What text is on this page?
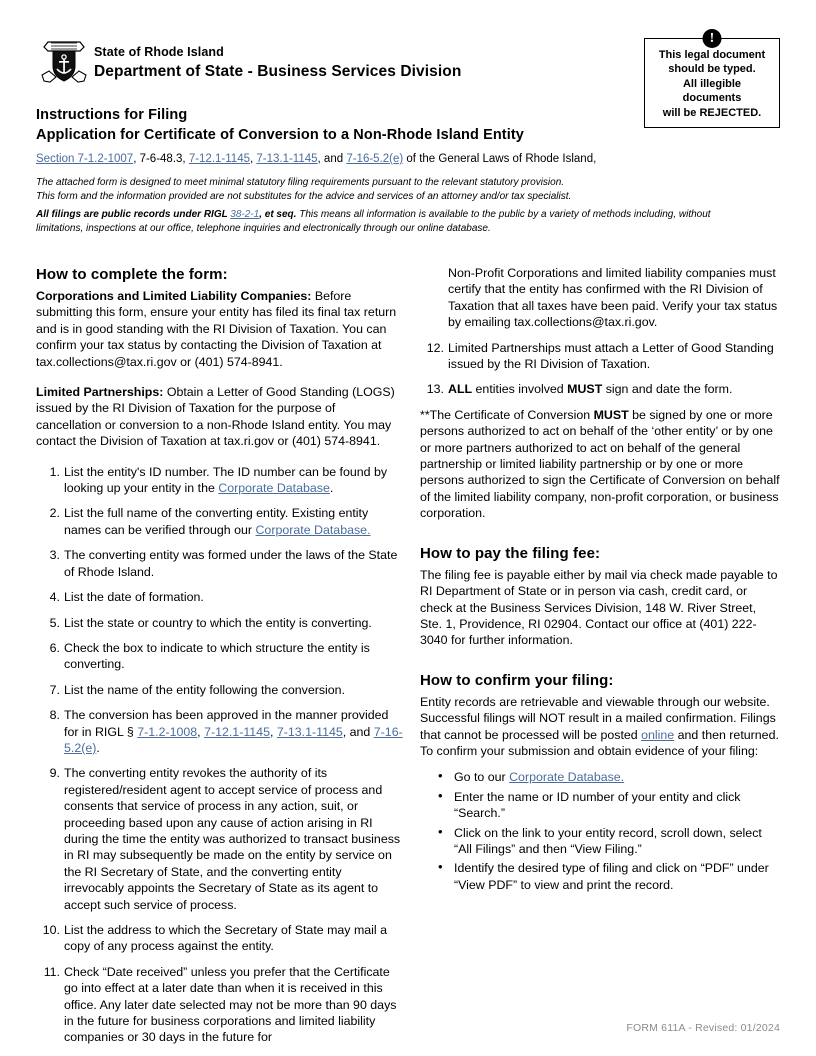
State of Rhode Island
Department of State - Business Services Division
!
This legal document
should be typed.
All illegible
documents
will be REJECTED.
Instructions for Filing
Application for Certificate of Conversion to a Non-Rhode Island Entity
Section 7-1.2-1007, 7-6-48.3, 7-12.1-1145, 7-13.1-1145, and 7-16-5.2(e) of the General Laws of Rhode Island,
The attached form is designed to meet minimal statutory filing requirements pursuant to the relevant statutory provision.
This form and the information provided are not substitutes for the advice and services of an attorney and/or tax specialist.
All filings are public records under RIGL 38-2-1, et seq. This means all information is available to the public by a variety of methods including, without limitations, inspections at our office, telephone inquiries and electronically through our online database.
How to complete the form:

Corporations and Limited Liability Companies: Before submitting this form, ensure your entity has filed its final tax return and is in good standing with the RI Division of Taxation. You can confirm your tax status by contacting the Division of Taxation at tax.collections@tax.ri.gov or (401) 574-8941.

Limited Partnerships: Obtain a Letter of Good Standing (LOGS) issued by the RI Division of Taxation for the purpose of cancellation or conversion to a non-Rhode Island entity. You may contact the Division of Taxation at tax.ri.gov or (401) 574-8941.

1. List the entity's ID number. The ID number can be found by looking up your entity in the Corporate Database.
2. List the full name of the converting entity. Existing entity names can be verified through our Corporate Database.
3. The converting entity was formed under the laws of the State of Rhode Island.
4. List the date of formation.
5. List the state or country to which the entity is converting.
6. Check the box to indicate to which structure the entity is converting.
7. List the name of the entity following the conversion.
8. The conversion has been approved in the manner provided for in RIGL § 7-1.2-1008, 7-12.1-1145, 7-13.1-1145, and 7-16-5.2(e).
9. The converting entity revokes the authority of its registered/resident agent to accept service of process and consents that service of process in any action, suit, or proceeding based upon any cause of action arising in RI during the time the entity was authorized to transact business in RI may subsequently be made on the entity by service on the RI Secretary of State, and the converting entity irrevocably appoints the Secretary of State as its agent to accept such service of process.
10. List the address to which the Secretary of State may mail a copy of any process against the entity.
11. Check “Date received” unless you prefer that the Certificate go into effect at a later date than when it is received in this office. Any later date selected may not be more than 90 days in the future for business corporations and limited liability companies or 30 days in the future for
Non-Profit Corporations and limited liability companies must certify that the entity has confirmed with the RI Division of Taxation that all taxes have been paid. Verify your tax status by emailing tax.collections@tax.ri.gov.
12. Limited Partnerships must attach a Letter of Good Standing issued by the RI Division of Taxation.
13. ALL entities involved MUST sign and date the form.

**The Certificate of Conversion MUST be signed by one or more persons authorized to act on behalf of the ‘other entity’ or by one or more partners authorized to act on behalf of the general partnership or limited liability partnership or by one or more persons authorized to sign the Certificate of Conversion on behalf of the limited liability company, non-profit corporation, or business corporation.

How to pay the filing fee:

The filing fee is payable either by mail via check made payable to RI Department of State or in person via cash, credit card, or check at the Business Services Division, 148 W. River Street, Ste. 1, Providence, RI 02904. Contact our office at (401) 222-3040 for further information.

How to confirm your filing:

Entity records are retrievable and viewable through our website. Successful filings will NOT result in a mailed confirmation. Filings that cannot be processed will be posted online and then returned. To confirm your submission and obtain evidence of your filing:

• Go to our Corporate Database.
• Enter the name or ID number of your entity and click “Search.”
• Click on the link to your entity record, scroll down, select “All Filings” and then “View Filing.”
• Identify the desired type of filing and click on “PDF” under “View PDF” to view and print the record.
FORM 611A - Revised: 01/2024
